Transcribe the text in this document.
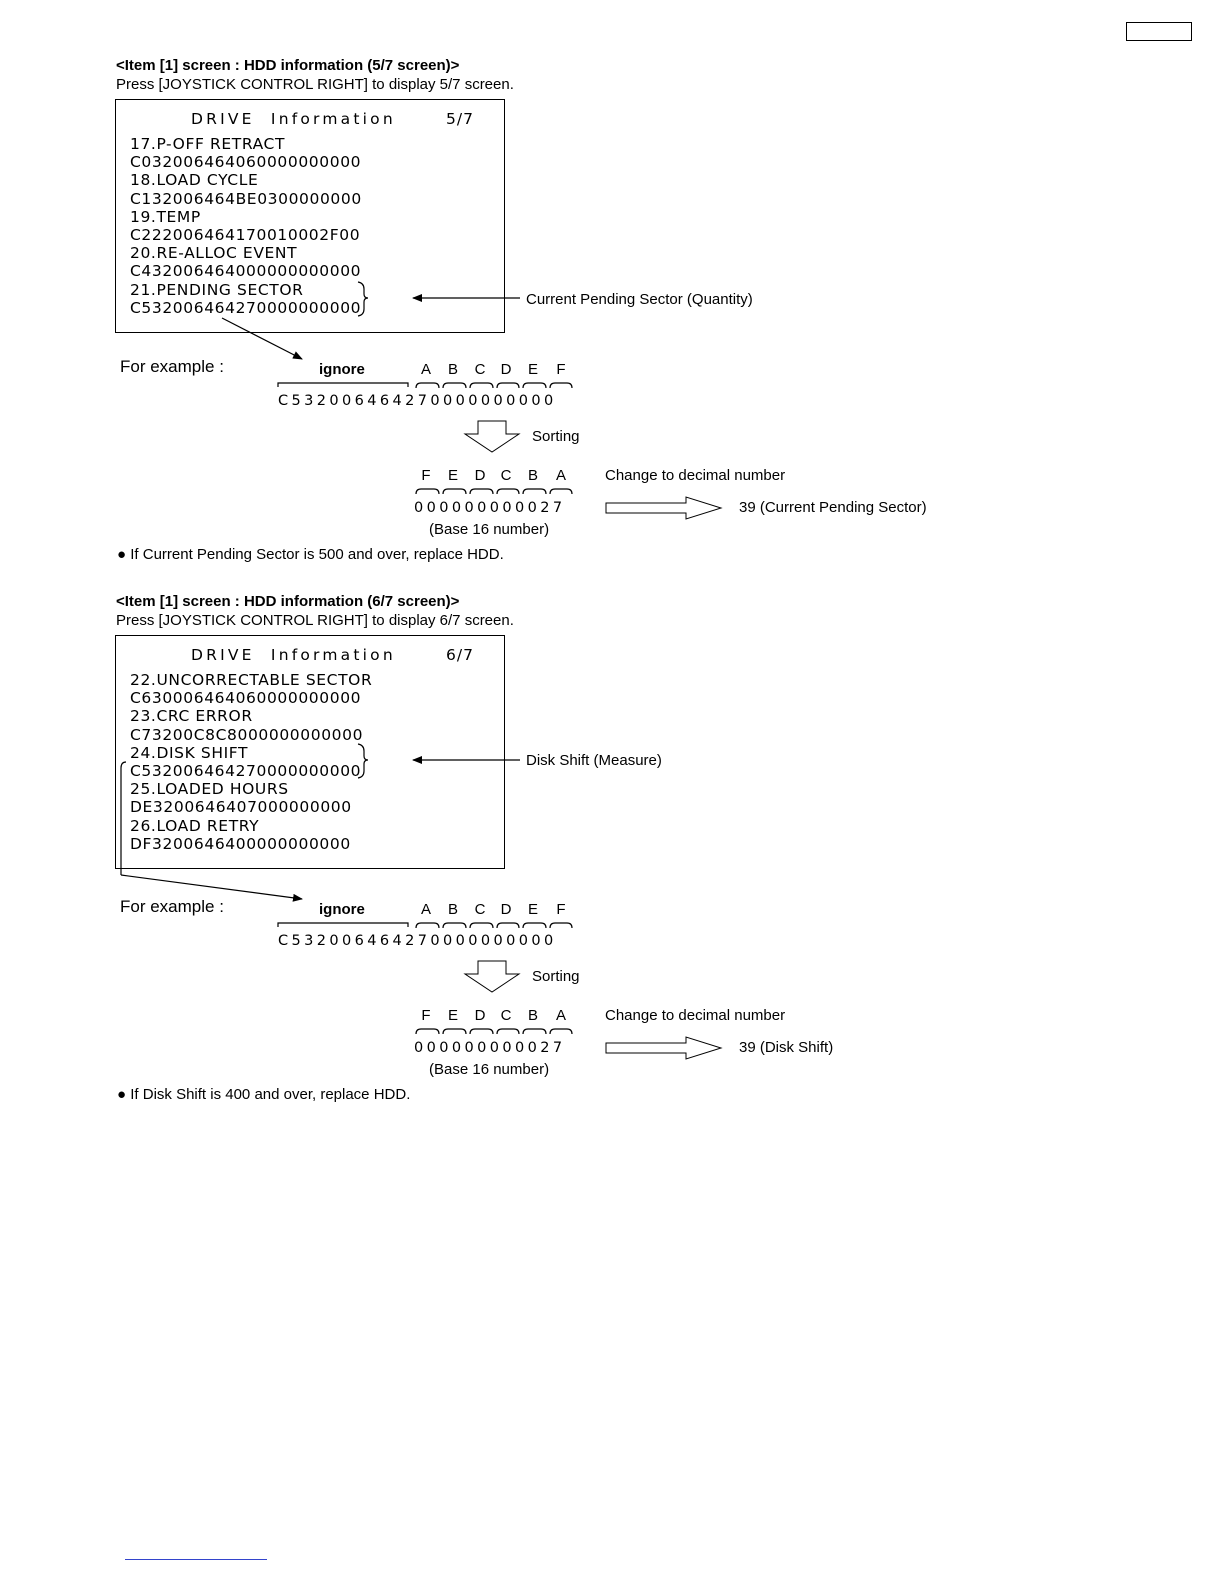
<Item [1] screen : HDD information (5/7 screen)>
Press [JOYSTICK CONTROL RIGHT] to display 5/7 screen.
DRIVE  Information	5/7
17.P-OFF RETRACT
C032006464060000000000
18.LOAD CYCLE
C132006464BE0300000000
19.TEMP
C222006464170010002F00
20.RE-ALLOC EVENT
C432006464000000000000
21.PENDING SECTOR
C532006464270000000000	Current Pending Sector (Quantity)
For example :	ignore	A	B	C	D	E	F
C532006464270000000000
Sorting
F	E	D	C	B	A	Change to decimal number
000000000027
(Base 16 number)
39 (Current Pending Sector)
● If Current Pending Sector is 500 and over, replace HDD.
<Item [1] screen : HDD information (6/7 screen)>
Press [JOYSTICK CONTROL RIGHT] to display 6/7 screen.
DRIVE  Information	6/7
22.UNCORRECTABLE SECTOR
C630006464060000000000
23.CRC ERROR
C73200C8C8000000000000
24.DISK SHIFT
C532006464270000000000
25.LOADED HOURS
DE3200646407000000000
26.LOAD RETRY
DF3200646400000000000
Disk Shift (Measure)
For example :	ignore	A	B	C	D	E	F
C532006464270000000000
Sorting
F	E	D	C	B	A	Change to decimal number
000000000027
(Base 16 number)
39 (Disk Shift)
● If Disk Shift is 400 and over, replace HDD.
